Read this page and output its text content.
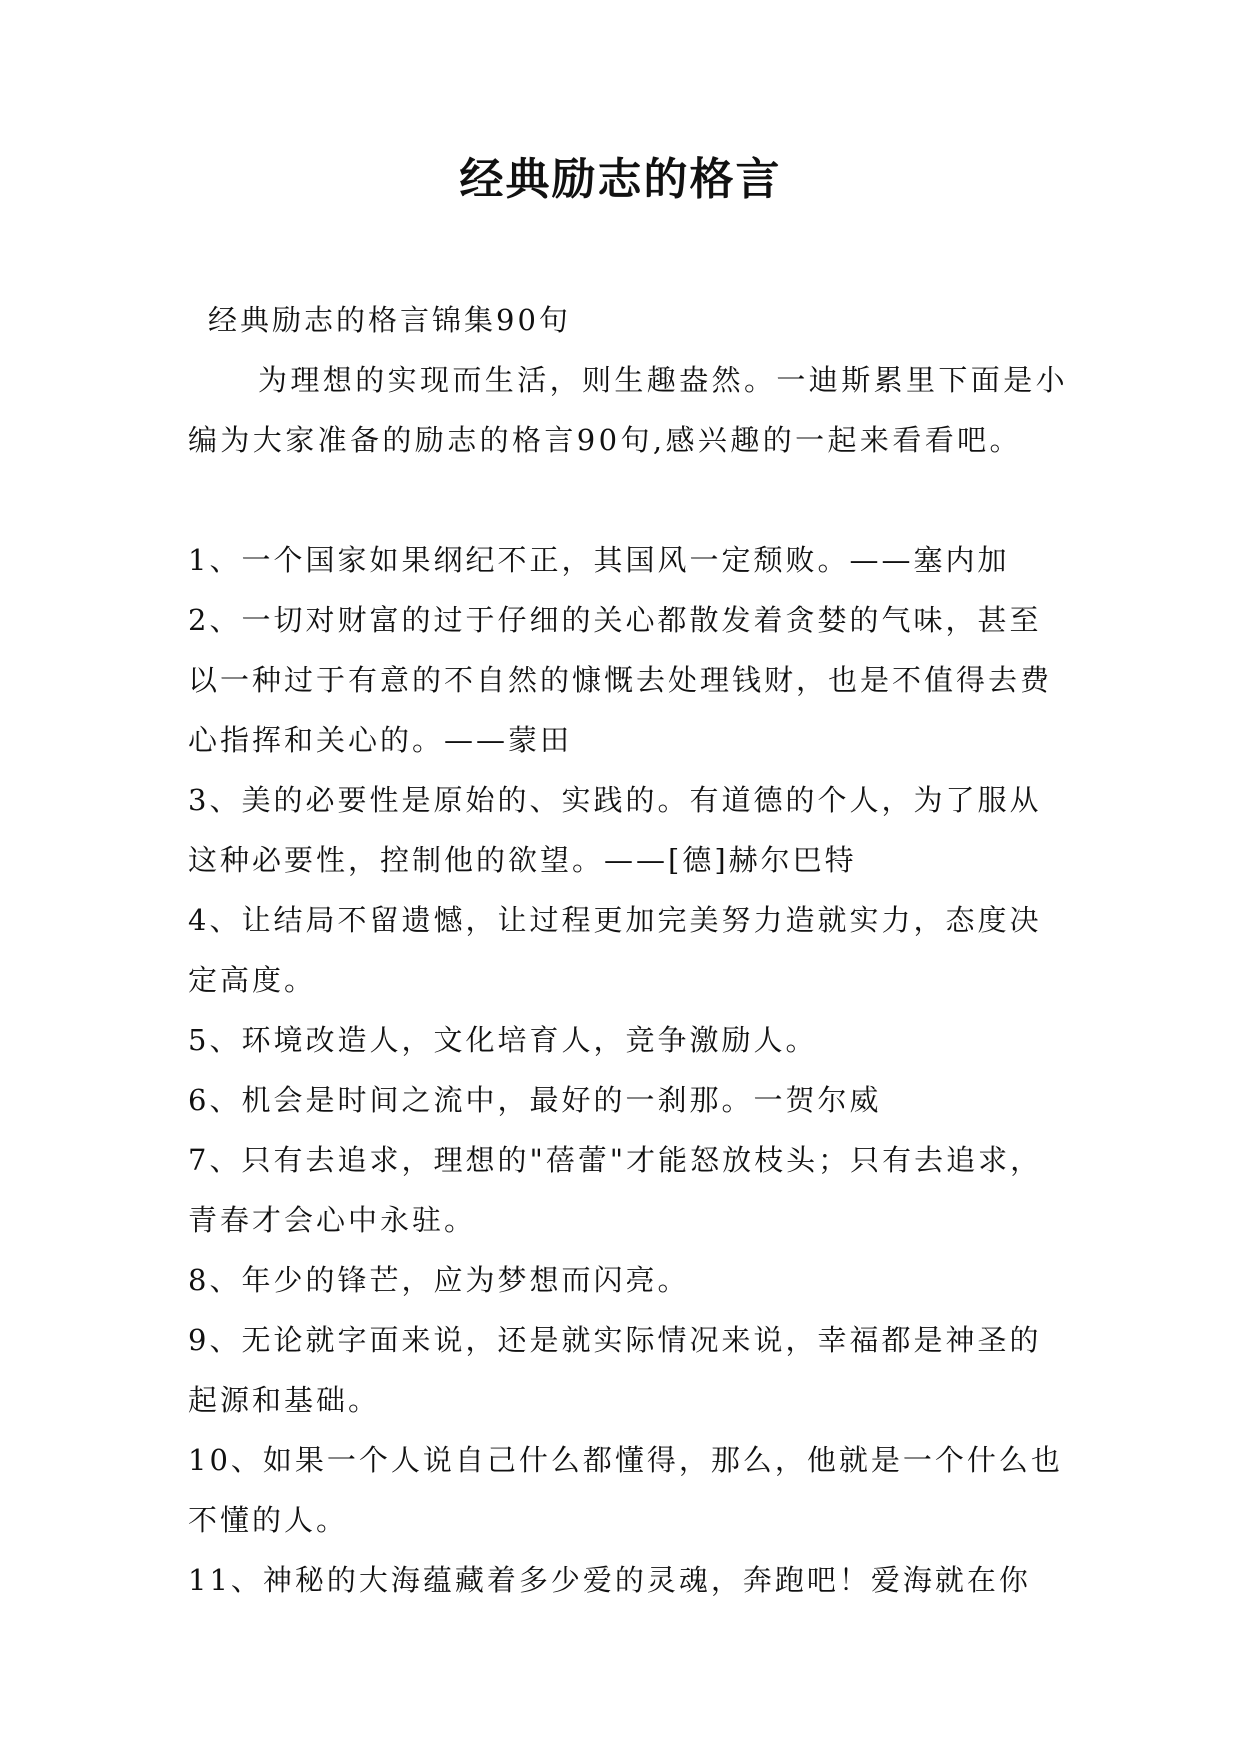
经典励志的格言

经典励志的格言锦集90句

为理想的实现而生活，则生趣盎然。一迪斯累里下面是小编为大家准备的励志的格言90句,感兴趣的一起来看看吧。

1、一个国家如果纲纪不正，其国风一定颓败。——塞内加
2、一切对财富的过于仔细的关心都散发着贪婪的气味，甚至以一种过于有意的不自然的慷慨去处理钱财，也是不值得去费心指挥和关心的。——蒙田
3、美的必要性是原始的、实践的。有道德的个人，为了服从这种必要性，控制他的欲望。——[德]赫尔巴特
4、让结局不留遗憾，让过程更加完美努力造就实力，态度决定高度。
5、环境改造人，文化培育人，竞争激励人。
6、机会是时间之流中，最好的一刹那。一贺尔威
7、只有去追求，理想的"蓓蕾"才能怒放枝头；只有去追求，青春才会心中永驻。
8、年少的锋芒，应为梦想而闪亮。
9、无论就字面来说，还是就实际情况来说，幸福都是神圣的起源和基础。
10、如果一个人说自己什么都懂得，那么，他就是一个什么也不懂的人。
11、神秘的大海蕴藏着多少爱的灵魂，奔跑吧！爱海就在你
